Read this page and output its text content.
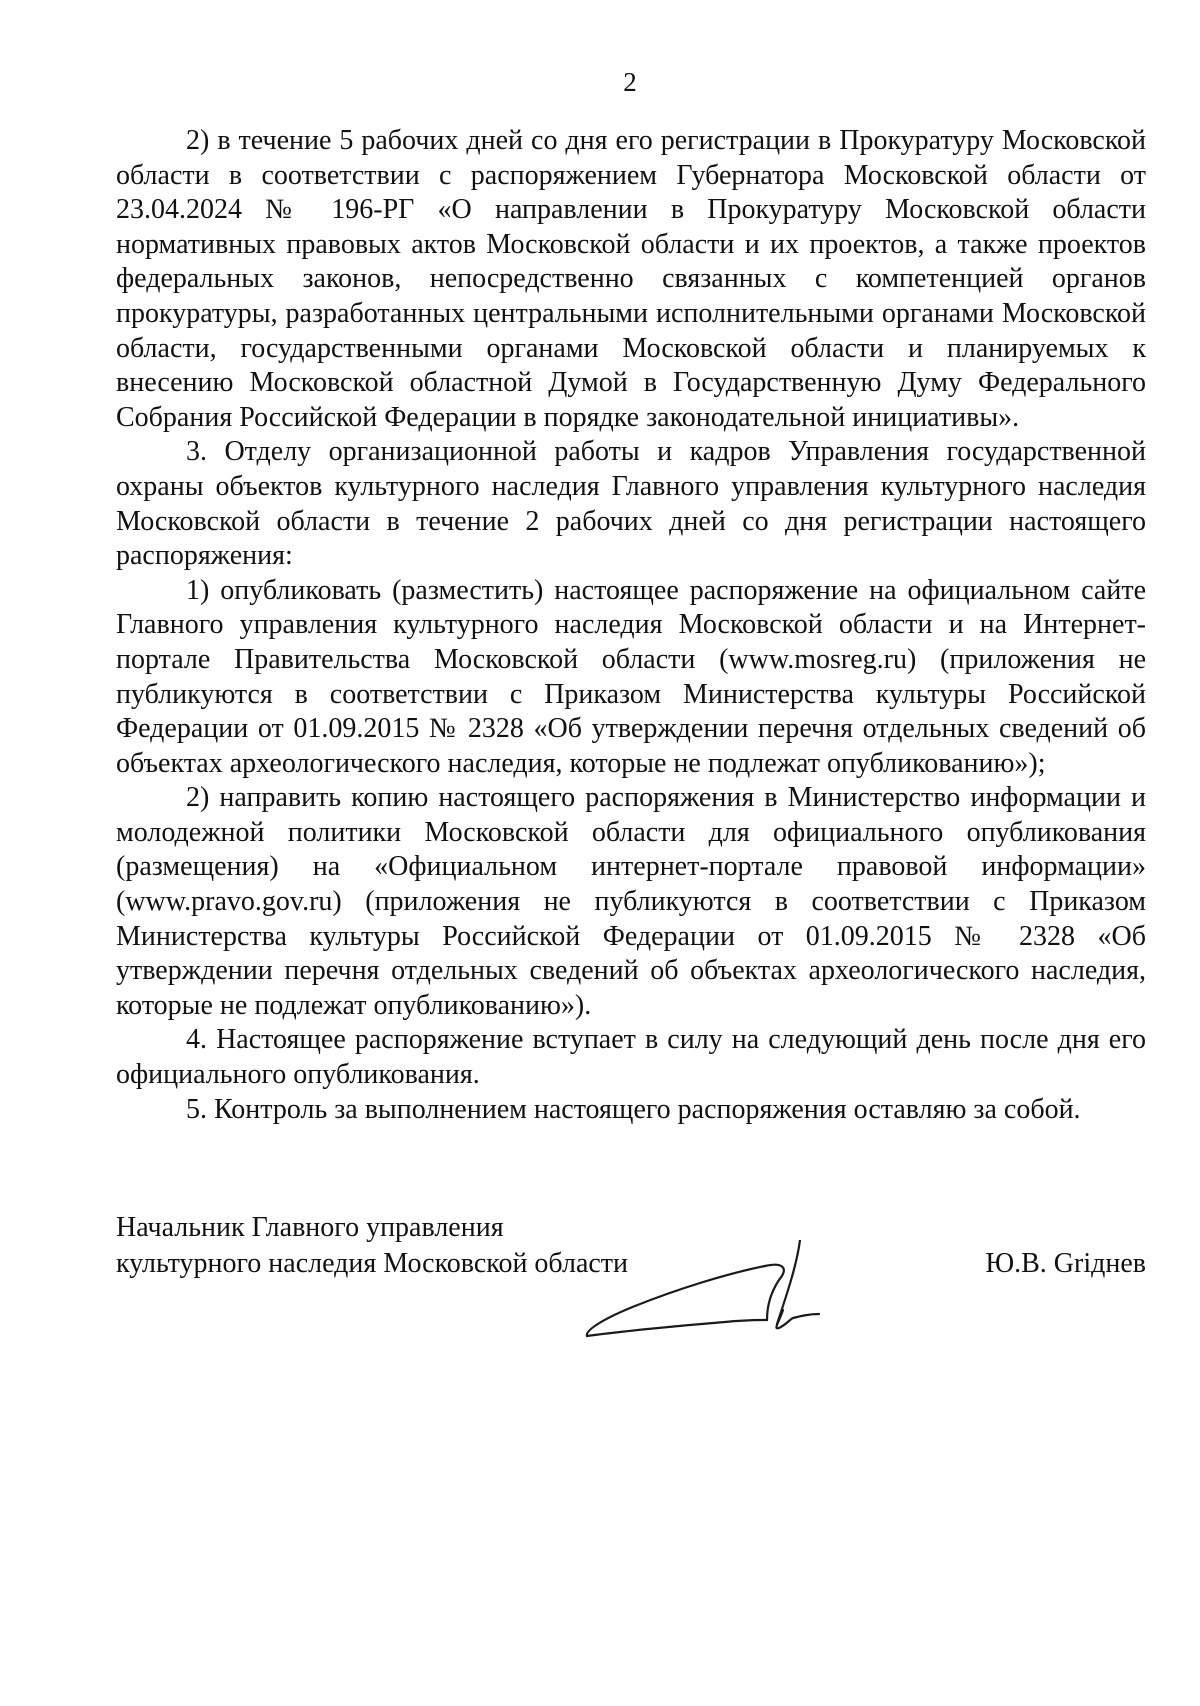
2

2) в течение 5 рабочих дней со дня его регистрации в Прокуратуру Московской области в соответствии с распоряжением Губернатора Московской области от 23.04.2024 № 196-РГ «О направлении в Прокуратуру Московской области нормативных правовых актов Московской области и их проектов, а также проектов федеральных законов, непосредственно связанных с компетенцией органов прокуратуры, разработанных центральными исполнительными органами Московской области, государственными органами Московской области и планируемых к внесению Московской областной Думой в Государственную Думу Федерального Собрания Российской Федерации в порядке законодательной инициативы».

3. Отделу организационной работы и кадров Управления государственной охраны объектов культурного наследия Главного управления культурного наследия Московской области в течение 2 рабочих дней со дня регистрации настоящего распоряжения:

1) опубликовать (разместить) настоящее распоряжение на официальном сайте Главного управления культурного наследия Московской области и на Интернет-портале Правительства Московской области (www.mosreg.ru) (приложения не публикуются в соответствии с Приказом Министерства культуры Российской Федерации от 01.09.2015 № 2328 «Об утверждении перечня отдельных сведений об объектах археологического наследия, которые не подлежат опубликованию»);

2) направить копию настоящего распоряжения в Министерство информации и молодежной политики Московской области для официального опубликования (размещения) на «Официальном интернет-портале правовой информации» (www.pravo.gov.ru) (приложения не публикуются в соответствии с Приказом Министерства культуры Российской Федерации от 01.09.2015 № 2328 «Об утверждении перечня отдельных сведений об объектах археологического наследия, которые не подлежат опубликованию»).

4. Настоящее распоряжение вступает в силу на следующий день после дня его официального опубликования.

5. Контроль за выполнением настоящего распоряжения оставляю за собой.

Начальник Главного управления
культурного наследия Московской области	Ю.В. Griднев
